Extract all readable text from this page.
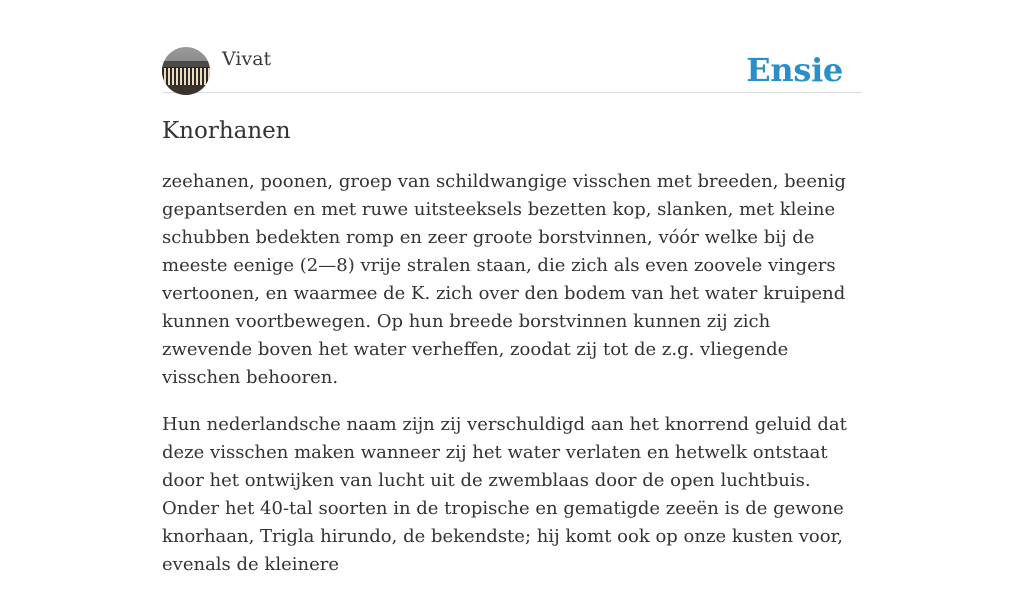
Vivat	Ensie
Knorhanen

zeehanen, poonen, groep van schildwangige visschen met breeden, beenig gepantserden en met ruwe uitsteeksels bezetten kop, slanken, met kleine schubben bedekten romp en zeer groote borstvinnen, vóór welke bij de meeste eenige (2—8) vrije stralen staan, die zich als even zoovele vingers vertoonen, en waarmee de K. zich over den bodem van het water kruipend kunnen voortbewegen. Op hun breede borstvinnen kunnen zij zich zwevende boven het water verheffen, zoodat zij tot de z.g. vliegende visschen behooren.

Hun nederlandsche naam zijn zij verschuldigd aan het knorrend geluid dat deze visschen maken wanneer zij het water verlaten en hetwelk ontstaat door het ontwijken van lucht uit de zwemblaas door de open luchtbuis. Onder het 40-tal soorten in de tropische en gematigde zeeën is de gewone knorhaan, Trigla hirundo, de bekendste; hij komt ook op onze kusten voor, evenals de kleinere
